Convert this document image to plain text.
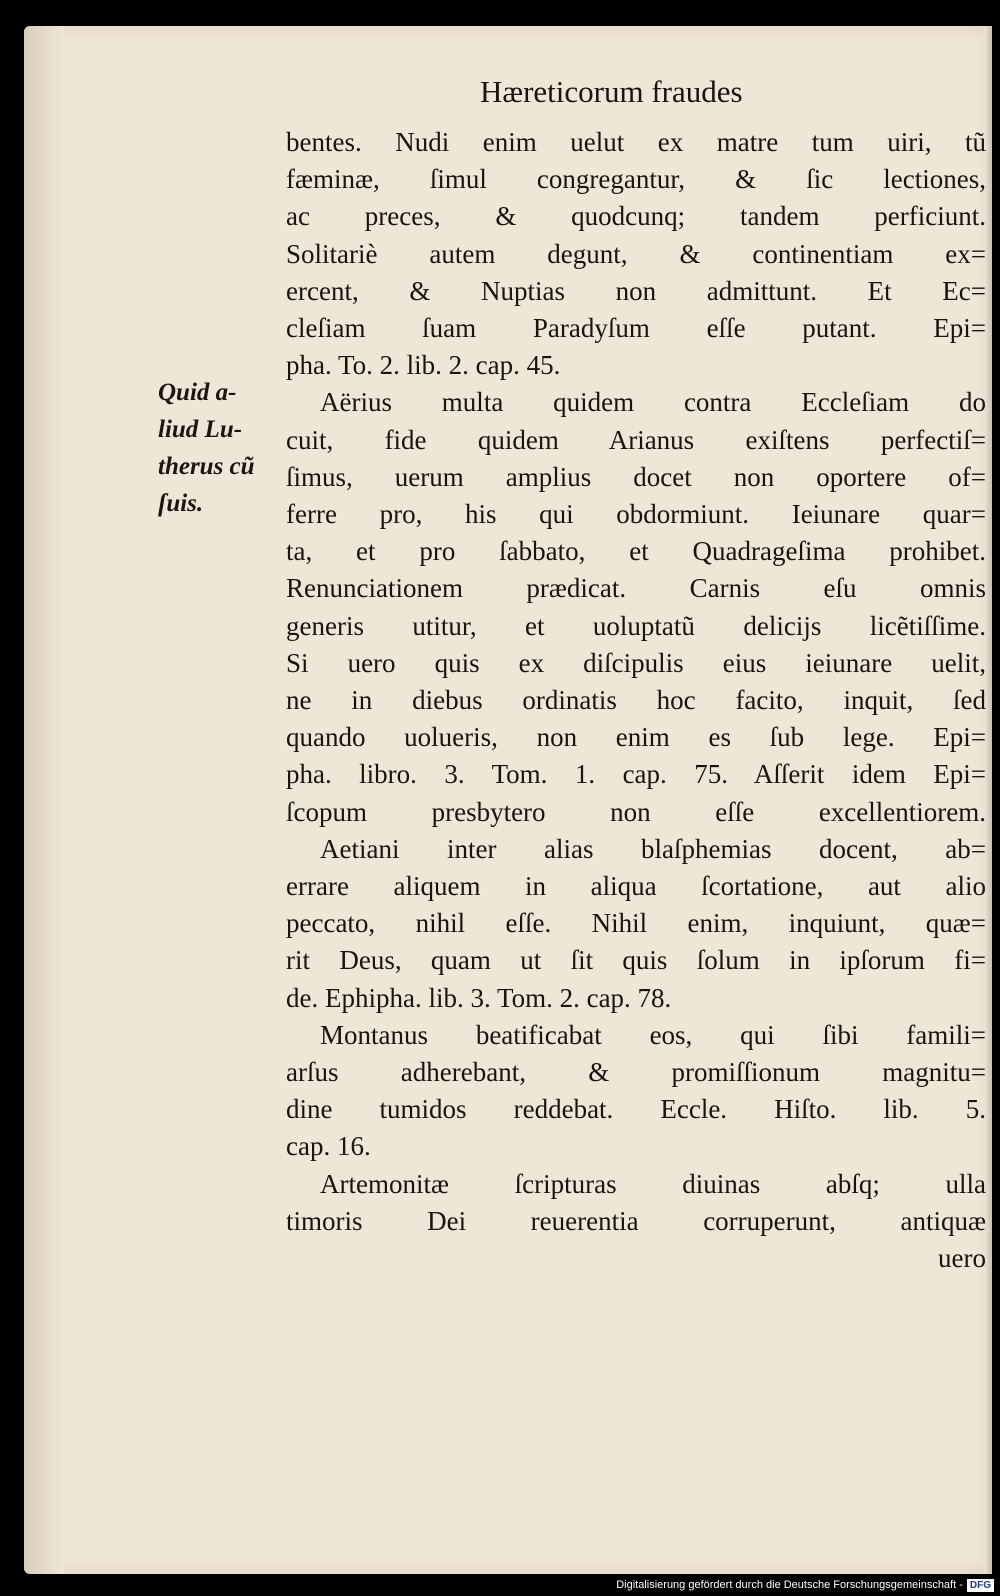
Hæreticorum fraudes
Quid a-
liud Lu-
therus cũ
ſuis.
bentes. Nudi enim uelut ex matre tum uiri, tũ
fæminæ, ſimul congregantur, & ſic lectiones,
ac preces, & quodcunq; tandem perficiunt.
Solitariè autem degunt, & continentiam ex=
ercent, & Nuptias non admittunt. Et Ec=
cleſiam ſuam Paradyſum eſſe putant. Epi=
pha. To. 2. lib. 2. cap. 45.
Aërius multa quidem contra Eccleſiam do
cuit, fide quidem Arianus exiſtens perfectiſ=
ſimus, uerum amplius docet non oportere of=
ferre pro, his qui obdormiunt. Ieiunare quar=
ta, et pro ſabbato, et Quadrageſima prohibet.
Renunciationem prædicat. Carnis eſu omnis
generis utitur, et uoluptatũ delicijs licẽtiſſime.
Si uero quis ex diſcipulis eius ieiunare uelit,
ne in diebus ordinatis hoc facito, inquit, ſed
quando uolueris, non enim es ſub lege. Epi=
pha. libro. 3. Tom. 1. cap. 75. Aſſerit idem Epi=
ſcopum presbytero non eſſe excellentiorem.
Aetiani inter alias blaſphemias docent, ab=
errare aliquem in aliqua ſcortatione, aut alio
peccato, nihil eſſe. Nihil enim, inquiunt, quæ=
rit Deus, quam ut ſit quis ſolum in ipſorum fi=
de. Ephipha. lib. 3. Tom. 2. cap. 78.
Montanus beatificabat eos, qui ſibi famili=
arſus adherebant, & promiſſionum magnitu=
dine tumidos reddebat. Eccle. Hiſto. lib. 5.
cap. 16.
Artemonitæ ſcripturas diuinas abſq; ulla
timoris Dei reuerentia corruperunt, antiquæ
uero
Digitalisierung gefördert durch die Deutsche Forschungsgemeinschaft - DFG
